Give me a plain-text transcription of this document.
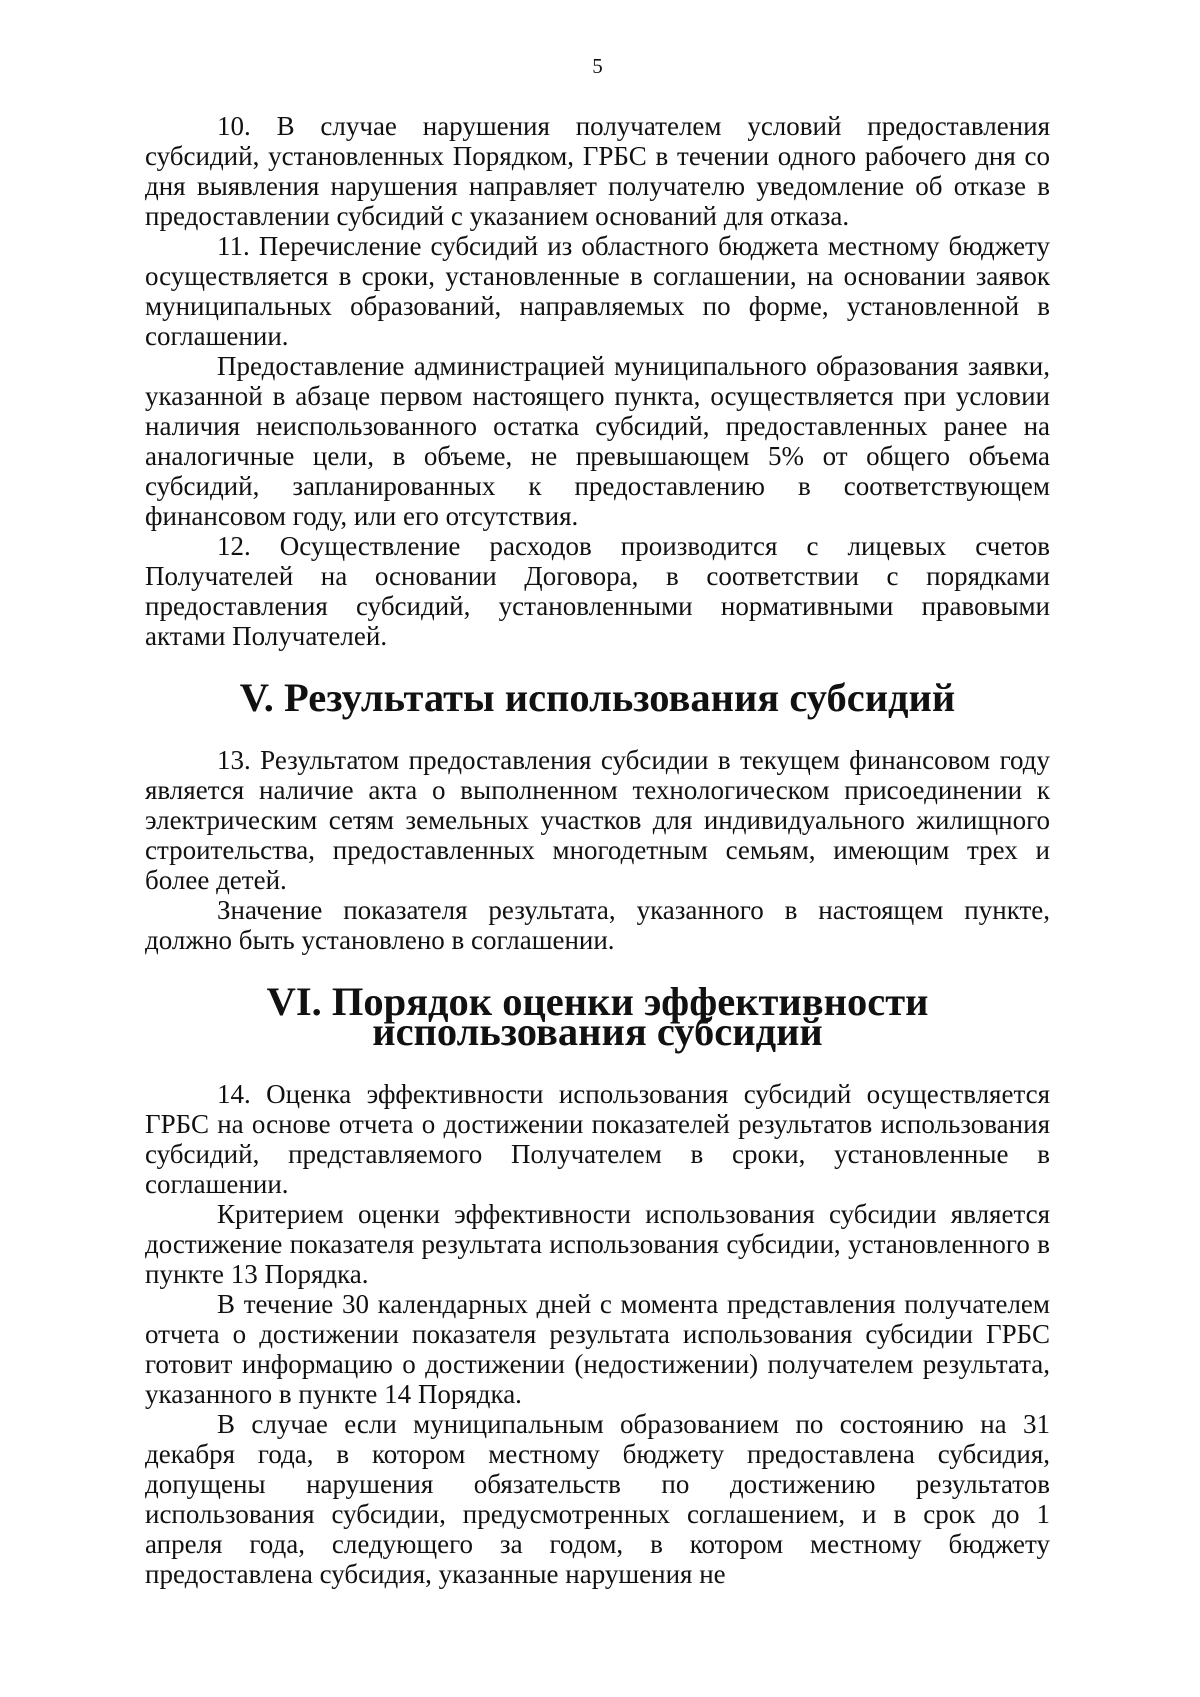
5

10. В случае нарушения получателем условий предоставления субсидий, установленных Порядком, ГРБС в течении одного рабочего дня со дня выявления нарушения направляет получателю уведомление об отказе в предоставлении субсидий с указанием оснований для отказа.

11. Перечисление субсидий из областного бюджета местному бюджету осуществляется в сроки, установленные в соглашении, на основании заявок муниципальных образований, направляемых по форме, установленной в соглашении.

Предоставление администрацией муниципального образования заявки, указанной в абзаце первом настоящего пункта, осуществляется при условии наличия неиспользованного остатка субсидий, предоставленных ранее на аналогичные цели, в объеме, не превышающем 5% от общего объема субсидий, запланированных к предоставлению в соответствующем финансовом году, или его отсутствия.

12. Осуществление расходов производится с лицевых счетов Получателей на основании Договора, в соответствии с порядками предоставления субсидий, установленными нормативными правовыми актами Получателей.

V. Результаты использования субсидий

13. Результатом предоставления субсидии в текущем финансовом году является наличие акта о выполненном технологическом присоединении к электрическим сетям земельных участков для индивидуального жилищного строительства, предоставленных многодетным семьям, имеющим трех и более детей.

Значение показателя результата, указанного в настоящем пункте, должно быть установлено в соглашении.

VI. Порядок оценки эффективности использования субсидий

14. Оценка эффективности использования субсидий осуществляется ГРБС на основе отчета о достижении показателей результатов использования субсидий, представляемого Получателем в сроки, установленные в соглашении.

Критерием оценки эффективности использования субсидии является достижение показателя результата использования субсидии, установленного в пункте 13 Порядка.

В течение 30 календарных дней с момента представления получателем отчета о достижении показателя результата использования субсидии ГРБС готовит информацию о достижении (недостижении) получателем результата, указанного в пункте 14 Порядка.

В случае если муниципальным образованием по состоянию на 31 декабря года, в котором местному бюджету предоставлена субсидия, допущены нарушения обязательств по достижению результатов использования субсидии, предусмотренных соглашением, и в срок до 1 апреля года, следующего за годом, в котором местному бюджету предоставлена субсидия, указанные нарушения не
